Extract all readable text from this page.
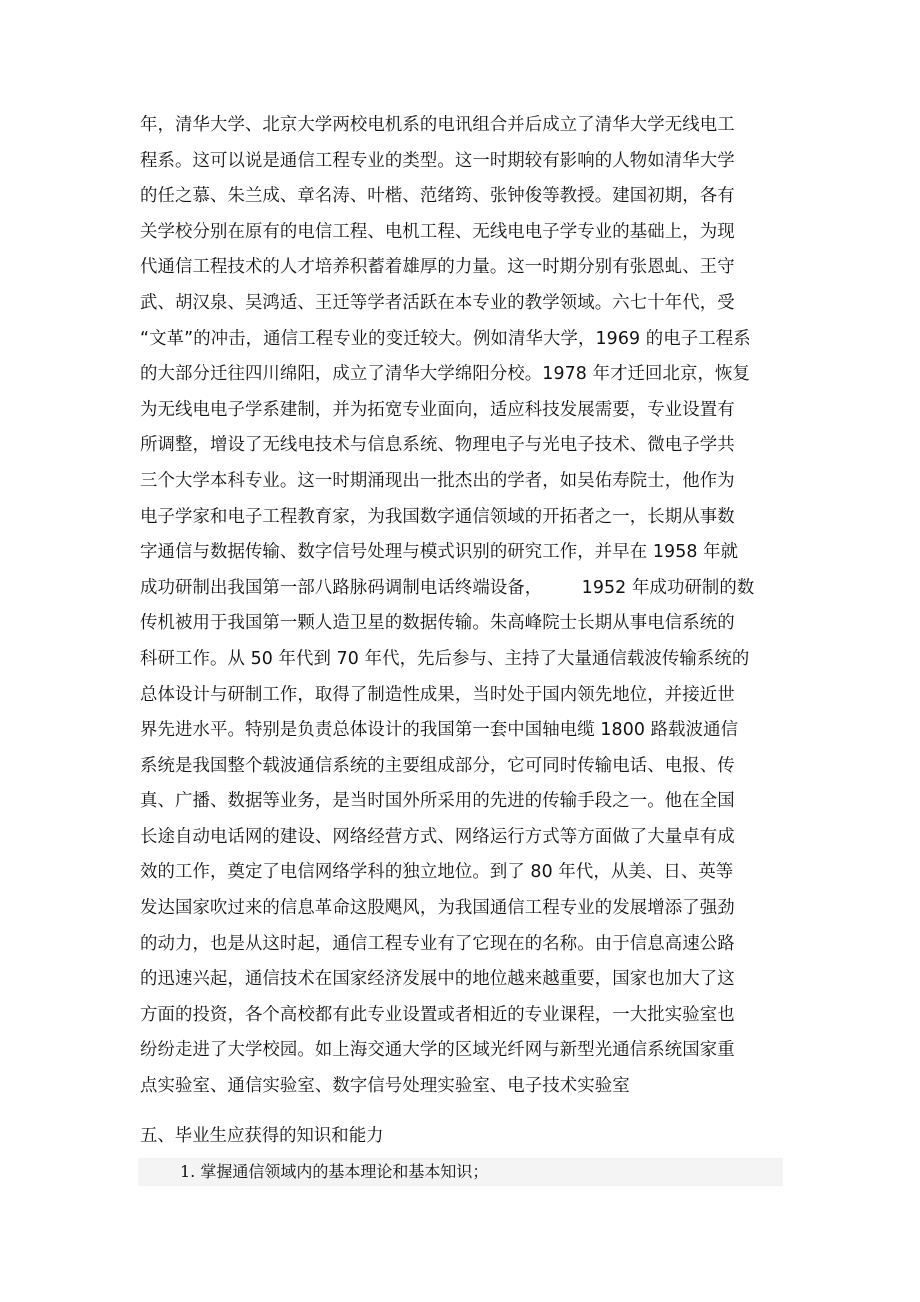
年，清华大学、北京大学两校电机系的电讯组合并后成立了清华大学无线电工
程系。这可以说是通信工程专业的类型。这一时期较有影响的人物如清华大学
的任之慕、朱兰成、章名涛、叶楷、范绪筠、张钟俊等教授。建国初期，各有
关学校分别在原有的电信工程、电机工程、无线电电子学专业的基础上，为现
代通信工程技术的人才培养积蓄着雄厚的力量。这一时期分别有张恩虬、王守
武、胡汉泉、吴鸿适、王迁等学者活跃在本专业的教学领域。六七十年代，受
“文革”的冲击，通信工程专业的变迁较大。例如清华大学，1969 的电子工程系
的大部分迁往四川绵阳，成立了清华大学绵阳分校。1978 年才迁回北京，恢复
为无线电电子学系建制，并为拓宽专业面向，适应科技发展需要，专业设置有
所调整，增设了无线电技术与信息系统、物理电子与光电子技术、微电子学共
三个大学本科专业。这一时期涌现出一批杰出的学者，如吴佑寿院士，他作为
电子学家和电子工程教育家，为我国数字通信领域的开拓者之一，长期从事数
字通信与数据传输、数字信号处理与模式识别的研究工作，并早在 1958 年就
成功研制出我国第一部八路脉码调制电话终端设备，       1952 年成功研制的数
传机被用于我国第一颗人造卫星的数据传输。朱高峰院士长期从事电信系统的
科研工作。从 50 年代到 70 年代，先后参与、主持了大量通信载波传输系统的
总体设计与研制工作，取得了制造性成果，当时处于国内领先地位，并接近世
界先进水平。特别是负责总体设计的我国第一套中国轴电缆 1800 路载波通信
系统是我国整个载波通信系统的主要组成部分，它可同时传输电话、电报、传
真、广播、数据等业务，是当时国外所采用的先进的传输手段之一。他在全国
长途自动电话网的建设、网络经营方式、网络运行方式等方面做了大量卓有成
效的工作，奠定了电信网络学科的独立地位。到了 80 年代，从美、日、英等
发达国家吹过来的信息革命这股飓风，为我国通信工程专业的发展增添了强劲
的动力，也是从这时起，通信工程专业有了它现在的名称。由于信息高速公路
的迅速兴起，通信技术在国家经济发展中的地位越来越重要，国家也加大了这
方面的投资，各个高校都有此专业设置或者相近的专业课程，一大批实验室也
纷纷走进了大学校园。如上海交通大学的区域光纤网与新型光通信系统国家重
点实验室、通信实验室、数字信号处理实验室、电子技术实验室
五、毕业生应获得的知识和能力
1. 掌握通信领域内的基本理论和基本知识；
